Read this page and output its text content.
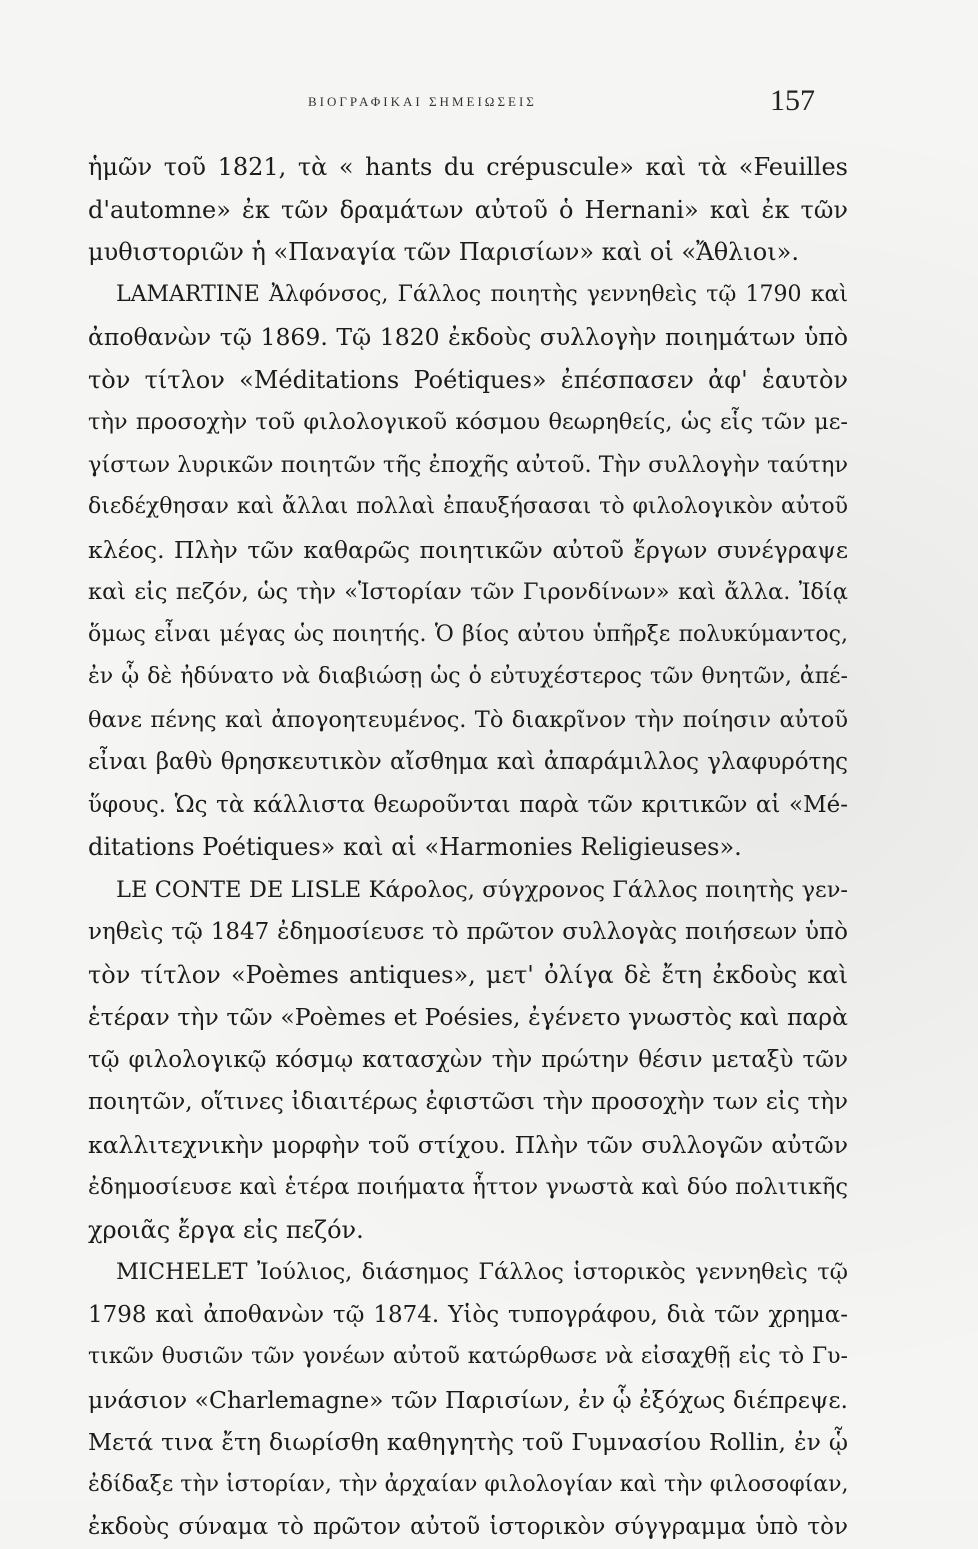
ΒΙΟΓΡΑΦΙΚΑΙ ΣΗΜΕΙΩΣΕΙΣ	157
ἡμῶν τοῦ 1821, τὰ « hants du crépuscule» καὶ τὰ «Feuilles
d'automne» ἐκ τῶν δραμάτων αὐτοῦ ὁ Hernani» καὶ ἐκ τῶν
μυθιστοριῶν ἡ «Παναγία τῶν Παρισίων» καὶ οἱ «Ἄθλιοι».
LAMARTINE Ἀλφόνσος, Γάλλος ποιητὴς γεννηθεὶς τῷ 1790 καὶ
ἀποθανὼν τῷ 1869. Τῷ 1820 ἐκδοὺς συλλογὴν ποιημάτων ὑπὸ
τὸν τίτλον «Méditations Poétiques» ἐπέσπασεν ἀφ' ἑαυτὸν
τὴν προσοχὴν τοῦ φιλολογικοῦ κόσμου θεωρηθείς, ὡς εἷς τῶν με-
γίστων λυρικῶν ποιητῶν τῆς ἐποχῆς αὐτοῦ. Τὴν συλλογὴν ταύτην
διεδέχθησαν καὶ ἄλλαι πολλαὶ ἐπαυξήσασαι τὸ φιλολογικὸν αὐτοῦ
κλέος. Πλὴν τῶν καθαρῶς ποιητικῶν αὐτοῦ ἔργων συνέγραψε
καὶ εἰς πεζόν, ὡς τὴν «Ἱστορίαν τῶν Γιρονδίνων» καὶ ἄλλα. Ἰδίᾳ
ὅμως εἶναι μέγας ὡς ποιητής. Ὁ βίος αὐτου ὑπῆρξε πολυκύμαντος,
ἐν ᾧ δὲ ἠδύνατο νὰ διαβιώσῃ ὡς ὁ εὐτυχέστερος τῶν θνητῶν, ἀπέ-
θανε πένης καὶ ἀπογοητευμένος. Τὸ διακρῖνον τὴν ποίησιν αὐτοῦ
εἶναι βαθὺ θρησκευτικὸν αἴσθημα καὶ ἀπαράμιλλος γλαφυρότης
ὕφους. Ὡς τὰ κάλλιστα θεωροῦνται παρὰ τῶν κριτικῶν αἱ «Mé-
ditations Poétiques» καὶ αἱ «Harmonies Religieuses».
LE CONTE DE LISLE Κάρολος, σύγχρονος Γάλλος ποιητὴς γεν-
νηθεὶς τῷ 1847 ἐδημοσίευσε τὸ πρῶτον συλλογὰς ποιήσεων ὑπὸ
τὸν τίτλον «Poèmes antiques», μετ' ὀλίγα δὲ ἔτη ἐκδοὺς καὶ
ἑτέραν τὴν τῶν «Poèmes et Poésies, ἐγένετο γνωστὸς καὶ παρὰ
τῷ φιλολογικῷ κόσμῳ κατασχὼν τὴν πρώτην θέσιν μεταξὺ τῶν
ποιητῶν, οἵτινες ἰδιαιτέρως ἐφιστῶσι τὴν προσοχὴν των εἰς τὴν
καλλιτεχνικὴν μορφὴν τοῦ στίχου. Πλὴν τῶν συλλογῶν αὐτῶν
ἐδημοσίευσε καὶ ἑτέρα ποιήματα ἧττον γνωστὰ καὶ δύο πολιτικῆς
χροιᾶς ἔργα εἰς πεζόν.
MICHELET Ἰούλιος, διάσημος Γάλλος ἱστορικὸς γεννηθεὶς τῷ
1798 καὶ ἀποθανὼν τῷ 1874. Υἱὸς τυπογράφου, διὰ τῶν χρημα-
τικῶν θυσιῶν τῶν γονέων αὐτοῦ κατώρθωσε νὰ εἰσαχθῇ εἰς τὸ Γυ-
μνάσιον «Charlemagne» τῶν Παρισίων, ἐν ᾧ ἐξόχως διέπρεψε.
Μετά τινα ἔτη διωρίσθη καθηγητὴς τοῦ Γυμνασίου Rollin, ἐν ᾧ
ἐδίδαξε τὴν ἱστορίαν, τὴν ἀρχαίαν φιλολογίαν καὶ τὴν φιλοσοφίαν,
ἐκδοὺς σύναμα τὸ πρῶτον αὐτοῦ ἱστορικὸν σύγγραμμα ὑπὸ τὸν
